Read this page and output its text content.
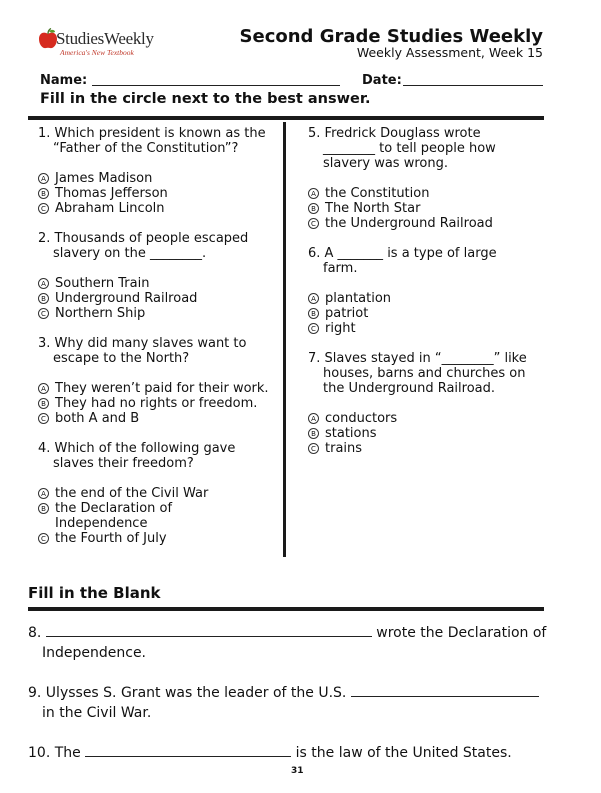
StudiesWeekly
America's New Textbook
Second Grade Studies Weekly
Weekly Assessment, Week 15
Name:	Date:
Fill in the circle next to the best answer.
1. Which president is known as the “Father of the Constitution”?
A James Madison
B Thomas Jefferson
C Abraham Lincoln
2. Thousands of people escaped slavery on the ________.
A Southern Train
B Underground Railroad
C Northern Ship
3. Why did many slaves want to escape to the North?
A They weren’t paid for their work.
B They had no rights or freedom.
C both A and B
4. Which of the following gave slaves their freedom?
A the end of the Civil War
B the Declaration of Independence
C the Fourth of July
5. Fredrick Douglass wrote ________ to tell people how slavery was wrong.
A the Constitution
B The North Star
C the Underground Railroad
6. A _______ is a type of large farm.
A plantation
B patriot
C right
7. Slaves stayed in “________” like houses, barns and churches on the Underground Railroad.
A conductors
B stations
C trains
Fill in the Blank
8.	wrote the Declaration of
Independence.
9. Ulysses S. Grant was the leader of the U.S.
in the Civil War.
10. The	is the law of the United States.
31
